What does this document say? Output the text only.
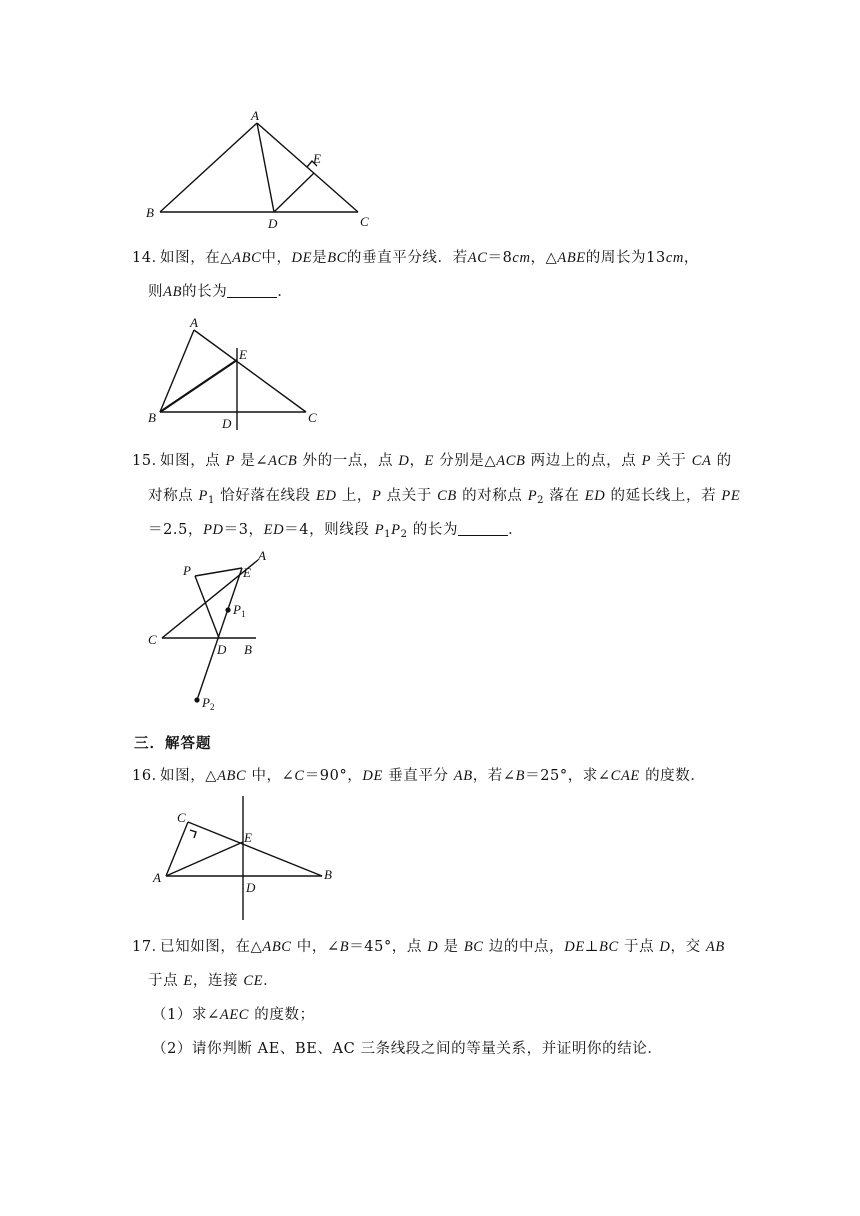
A
B
C
D
E
14．
如图，在△ABC中，DE是BC的垂直平分线．若AC＝8cm，△ABE的周长为13cm，
则AB的长为	．
A
B	C
D
E
15．
如图，点 P 是∠ACB 外的一点，点 D，E 分别是△ACB 两边上的点，点 P 关于 CA 的
对称点 $P_1$ 恰好落在线段 ED 上，P 点关于 CB 的对称点 $P_2$ 落在 ED 的延长线上，若 PE
＝2.5，PD＝3，ED＝4，则线段 $P_1P_2$ 的长为	．
A
P	E
$P_1$
C
D B
$P_2$
三．解答题
16．
如图，△ABC 中，∠C＝90°，DE 垂直平分 AB，若∠B＝25°，求∠CAE 的度数．
C
E
A	B
D
17．
已知如图，在△ABC 中，∠B＝45°，点 D 是 BC 边的中点，DE⊥BC 于点 D，交 AB
于点 E，连接 CE．
（1）求∠AEC 的度数；
（2）请你判断 AE、BE、AC 三条线段之间的等量关系，并证明你的结论．
